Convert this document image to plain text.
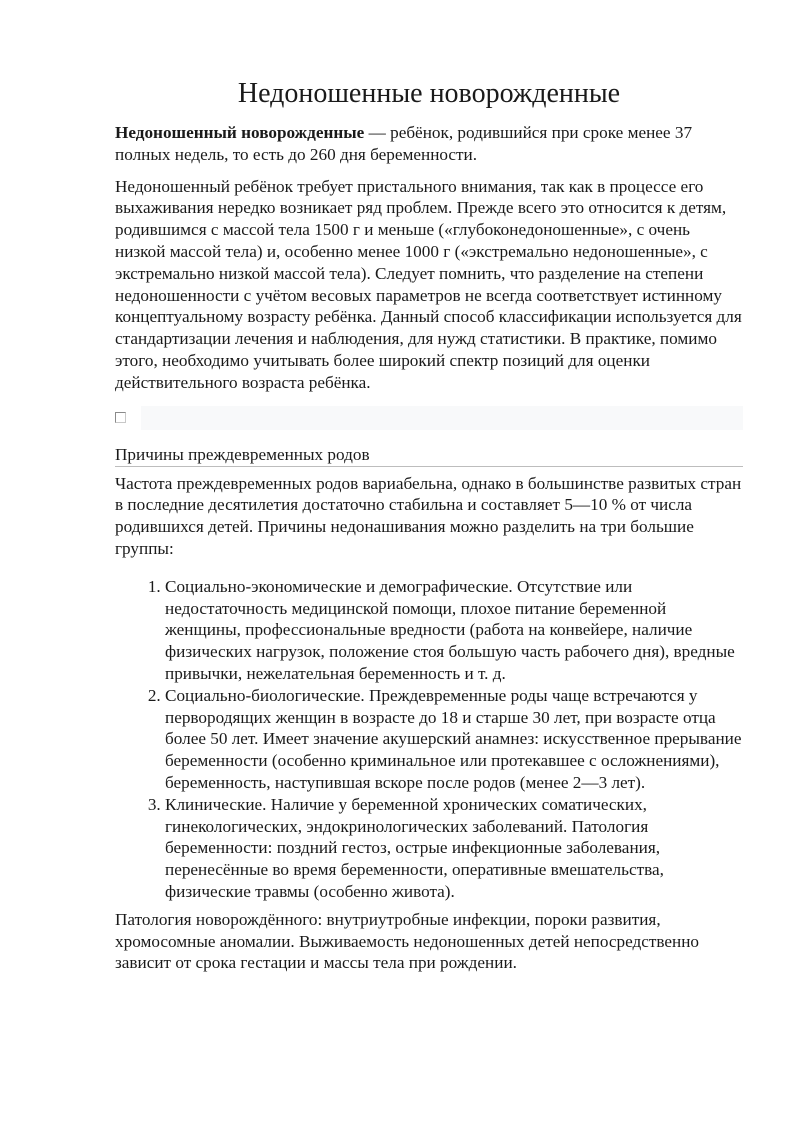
Недоношенные новорожденные

Недоношенный новорожденные — ребёнок, родившийся при сроке менее 37 полных недель, то есть до 260 дня беременности.

Недоношенный ребёнок требует пристального внимания, так как в процессе его выхаживания нередко возникает ряд проблем. Прежде всего это относится к детям, родившимся с массой тела 1500 г и меньше («глубоконедоношенные», с очень низкой массой тела) и, особенно менее 1000 г («экстремально недоношенные», с экстремально низкой массой тела). Следует помнить, что разделение на степени недоношенности с учётом весовых параметров не всегда соответствует истинному концептуальному возрасту ребёнка. Данный способ классификации используется для стандартизации лечения и наблюдения, для нужд статистики. В практике, помимо этого, необходимо учитывать более широкий спектр позиций для оценки действительного возраста ребёнка.

Причины преждевременных родов

Частота преждевременных родов вариабельна, однако в большинстве развитых стран в последние десятилетия достаточно стабильна и составляет 5—10 % от числа родившихся детей. Причины недонашивания можно разделить на три большие группы:

1. Социально-экономические и демографические. Отсутствие или недостаточность медицинской помощи, плохое питание беременной женщины, профессиональные вредности (работа на конвейере, наличие физических нагрузок, положение стоя большую часть рабочего дня), вредные привычки, нежелательная беременность и т. д.
2. Социально-биологические. Преждевременные роды чаще встречаются у первородящих женщин в возрасте до 18 и старше 30 лет, при возрасте отца более 50 лет. Имеет значение акушерский анамнез: искусственное прерывание беременности (особенно криминальное или протекавшее с осложнениями), беременность, наступившая вскоре после родов (менее 2—3 лет).
3. Клинические. Наличие у беременной хронических соматических, гинекологических, эндокринологических заболеваний. Патология беременности: поздний гестоз, острые инфекционные заболевания, перенесённые во время беременности, оперативные вмешательства, физические травмы (особенно живота).

Патология новорождённого: внутриутробные инфекции, пороки развития, хромосомные аномалии. Выживаемость недоношенных детей непосредственно зависит от срока гестации и массы тела при рождении.
